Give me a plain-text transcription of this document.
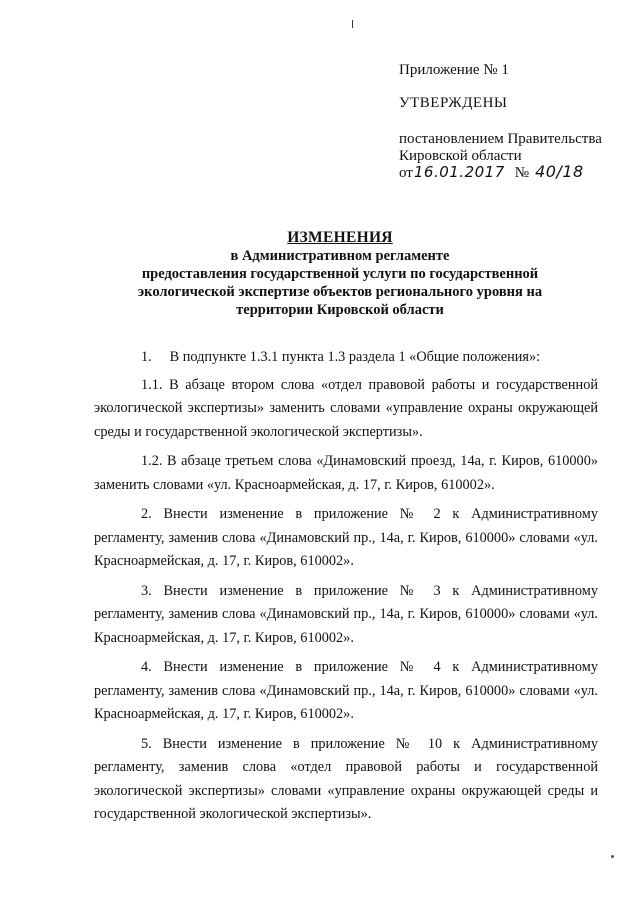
Приложение № 1
УТВЕРЖДЕНЫ
постановлением Правительства
Кировской области
от16.01.2017 № 40/18
ИЗМЕНЕНИЯ
в Административном регламенте
предоставления государственной услуги по государственной
экологической экспертизе объектов регионального уровня на
территории Кировской области

1.     В подпункте 1.3.1 пункта 1.3 раздела 1 «Общие положения»:

1.1. В абзаце втором слова «отдел правовой работы и государственной экологической экспертизы» заменить словами «управление охраны окружающей среды и государственной экологической экспертизы».

1.2. В абзаце третьем слова «Динамовский проезд, 14а, г. Киров, 610000» заменить словами «ул. Красноармейская, д. 17, г. Киров, 610002».

2. Внести изменение в приложение № 2 к Административному регламенту, заменив слова «Динамовский пр., 14а, г. Киров, 610000» словами «ул. Красноармейская, д. 17, г. Киров, 610002».

3. Внести изменение в приложение № 3 к Административному регламенту, заменив слова «Динамовский пр., 14а, г. Киров, 610000» словами «ул. Красноармейская, д. 17, г. Киров, 610002».

4. Внести изменение в приложение № 4 к Административному регламенту, заменив слова «Динамовский пр., 14а, г. Киров, 610000» словами «ул. Красноармейская, д. 17, г. Киров, 610002».

5. Внести изменение в приложение № 10 к Административному регламенту, заменив слова «отдел правовой работы и государственной экологической экспертизы» словами «управление охраны окружающей среды и государственной экологической экспертизы».
